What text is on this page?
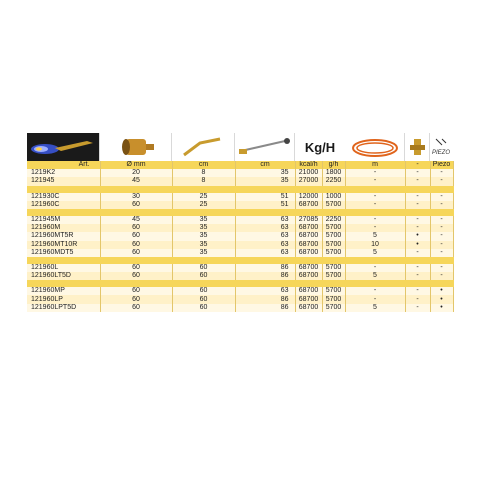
Kg/H	PIEZO
Art.	Ø mm	cm	cm	kcal/h	g/h	m	-	Piezo
1219K2	20	8	35	21000	1800	-	-	-
121945	45	8	35	27000	2250	-	-	-

121930C	30	25	51	12000	1000	-	-	-
121960C	60	25	51	68700	5700	-	-	-

121945M	45	35	63	27085	2250	-	-	-
121960M	60	35	63	68700	5700	-	-	-
121960MT5R	60	35	63	68700	5700	5	•	-
121960MT10R	60	35	63	68700	5700	10	•	-
121960MDT5	60	35	63	68700	5700	5	-	-

121960L	60	60	86	68700	5700	-	-	-
121960LT5D	60	60	86	68700	5700	5	-	-

121960MP	60	60	63	68700	5700	-	-	•
121960LP	60	60	86	68700	5700	-	-	•
121960LPT5D	60	60	86	68700	5700	5	-	•
